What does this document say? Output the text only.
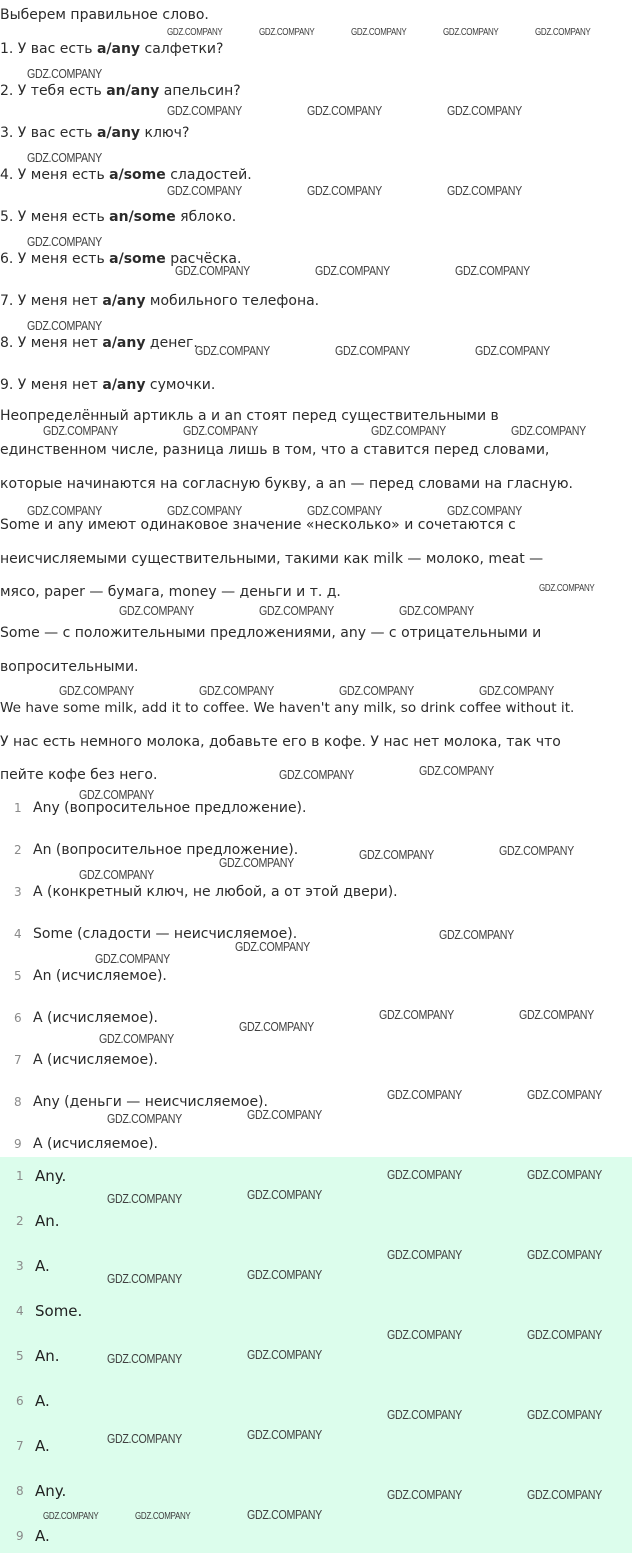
Выберем правильное слово.
1. У вас есть a/any салфетки?
2. У тебя есть an/any апельсин?
3. У вас есть a/any ключ?
4. У меня есть a/some сладостей.
5. У меня есть an/some яблоко.
6. У меня есть a/some расчёска.
7. У меня нет a/any мобильного телефона.
8. У меня нет a/any денег.
9. У меня нет a/any сумочки.
Неопределённый артикль a и an стоят перед существительными в
единственном числе, разница лишь в том, что a ставится перед словами,
которые начинаются на согласную букву, а an — перед словами на гласную.
Some и any имеют одинаковое значение «несколько» и сочетаются с
неисчисляемыми существительными, такими как milk — молоко, meat —
мясо, paper — бумага, money — деньги и т. д.
Some — с положительными предложениями, any — с отрицательными и
вопросительными.
We have some milk, add it to coffee. We haven't any milk, so drink coffee without it.
У нас есть немного молока, добавьте его в кофе. У нас нет молока, так что
пейте кофе без него.
1 Any (вопросительное предложение).
2 An (вопросительное предложение).
3 A (конкретный ключ, не любой, а от этой двери).
4 Some (сладости — неисчисляемое).
5 An (исчисляемое).
6 A (исчисляемое).
7 A (исчисляемое).
8 Any (деньги — неисчисляемое).
9 A (исчисляемое).
1 Any.
2 An.
3 A.
4 Some.
5 An.
6 A.
7 A.
8 Any.
9 A.
GDZ.COMPANY	GDZ.COMPANY	GDZ.COMPANY	GDZ.COMPANY	GDZ.COMPANY
GDZ.COMPANY
GDZ.COMPANY	GDZ.COMPANY	GDZ.COMPANY
GDZ.COMPANY
GDZ.COMPANY	GDZ.COMPANY	GDZ.COMPANY
GDZ.COMPANY
GDZ.COMPANY	GDZ.COMPANY	GDZ.COMPANY
GDZ.COMPANY
GDZ.COMPANY	GDZ.COMPANY	GDZ.COMPANY
GDZ.COMPANY	GDZ.COMPANY	GDZ.COMPANY	GDZ.COMPANY
GDZ.COMPANY	GDZ.COMPANY	GDZ.COMPANY	GDZ.COMPANY
GDZ.COMPANY
GDZ.COMPANY	GDZ.COMPANY	GDZ.COMPANY
GDZ.COMPANY	GDZ.COMPANY	GDZ.COMPANY	GDZ.COMPANY
GDZ.COMPANY	GDZ.COMPANY
GDZ.COMPANY
GDZ.COMPANY	GDZ.COMPANY
GDZ.COMPANY
GDZ.COMPANY
GDZ.COMPANY
GDZ.COMPANY
GDZ.COMPANY
GDZ.COMPANY	GDZ.COMPANY
GDZ.COMPANY
GDZ.COMPANY
GDZ.COMPANY	GDZ.COMPANY
GDZ.COMPANY
GDZ.COMPANY
GDZ.COMPANY	GDZ.COMPANY
GDZ.COMPANY
GDZ.COMPANY
GDZ.COMPANY	GDZ.COMPANY
GDZ.COMPANY
GDZ.COMPANY
GDZ.COMPANY	GDZ.COMPANY
GDZ.COMPANY
GDZ.COMPANY
GDZ.COMPANY	GDZ.COMPANY
GDZ.COMPANY
GDZ.COMPANY
GDZ.COMPANY	GDZ.COMPANY
GDZ.COMPANY
GDZ.COMPANY	GDZ.COMPANY
